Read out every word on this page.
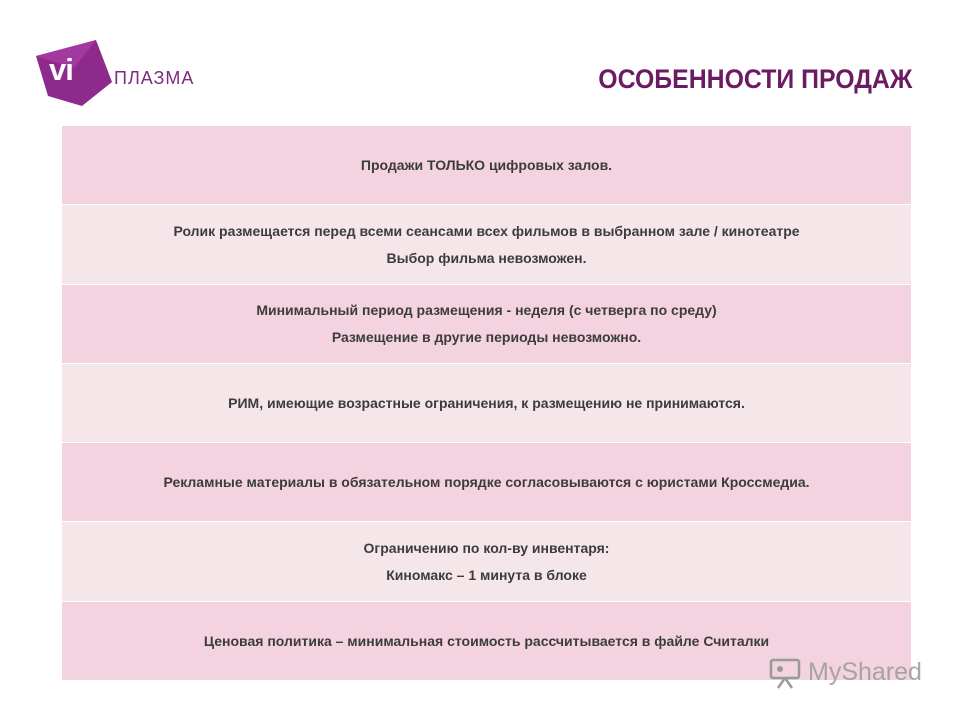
vi ПЛАЗМА	ОСОБЕННОСТИ ПРОДАЖ
Продажи ТОЛЬКО цифровых залов.
Ролик размещается перед всеми сеансами всех фильмов в выбранном зале / кинотеатре
Выбор фильма невозможен.
Минимальный период размещения - неделя (с четверга по среду)
Размещение в другие периоды невозможно.
РИМ, имеющие возрастные ограничения, к размещению не принимаются.
Рекламные материалы в обязательном порядке согласовываются с юристами Кроссмедиа.
Ограничению по кол-ву инвентаря:
Киномакс – 1 минута в блоке
Ценовая политика – минимальная стоимость рассчитывается в файле Считалки
MyShared
